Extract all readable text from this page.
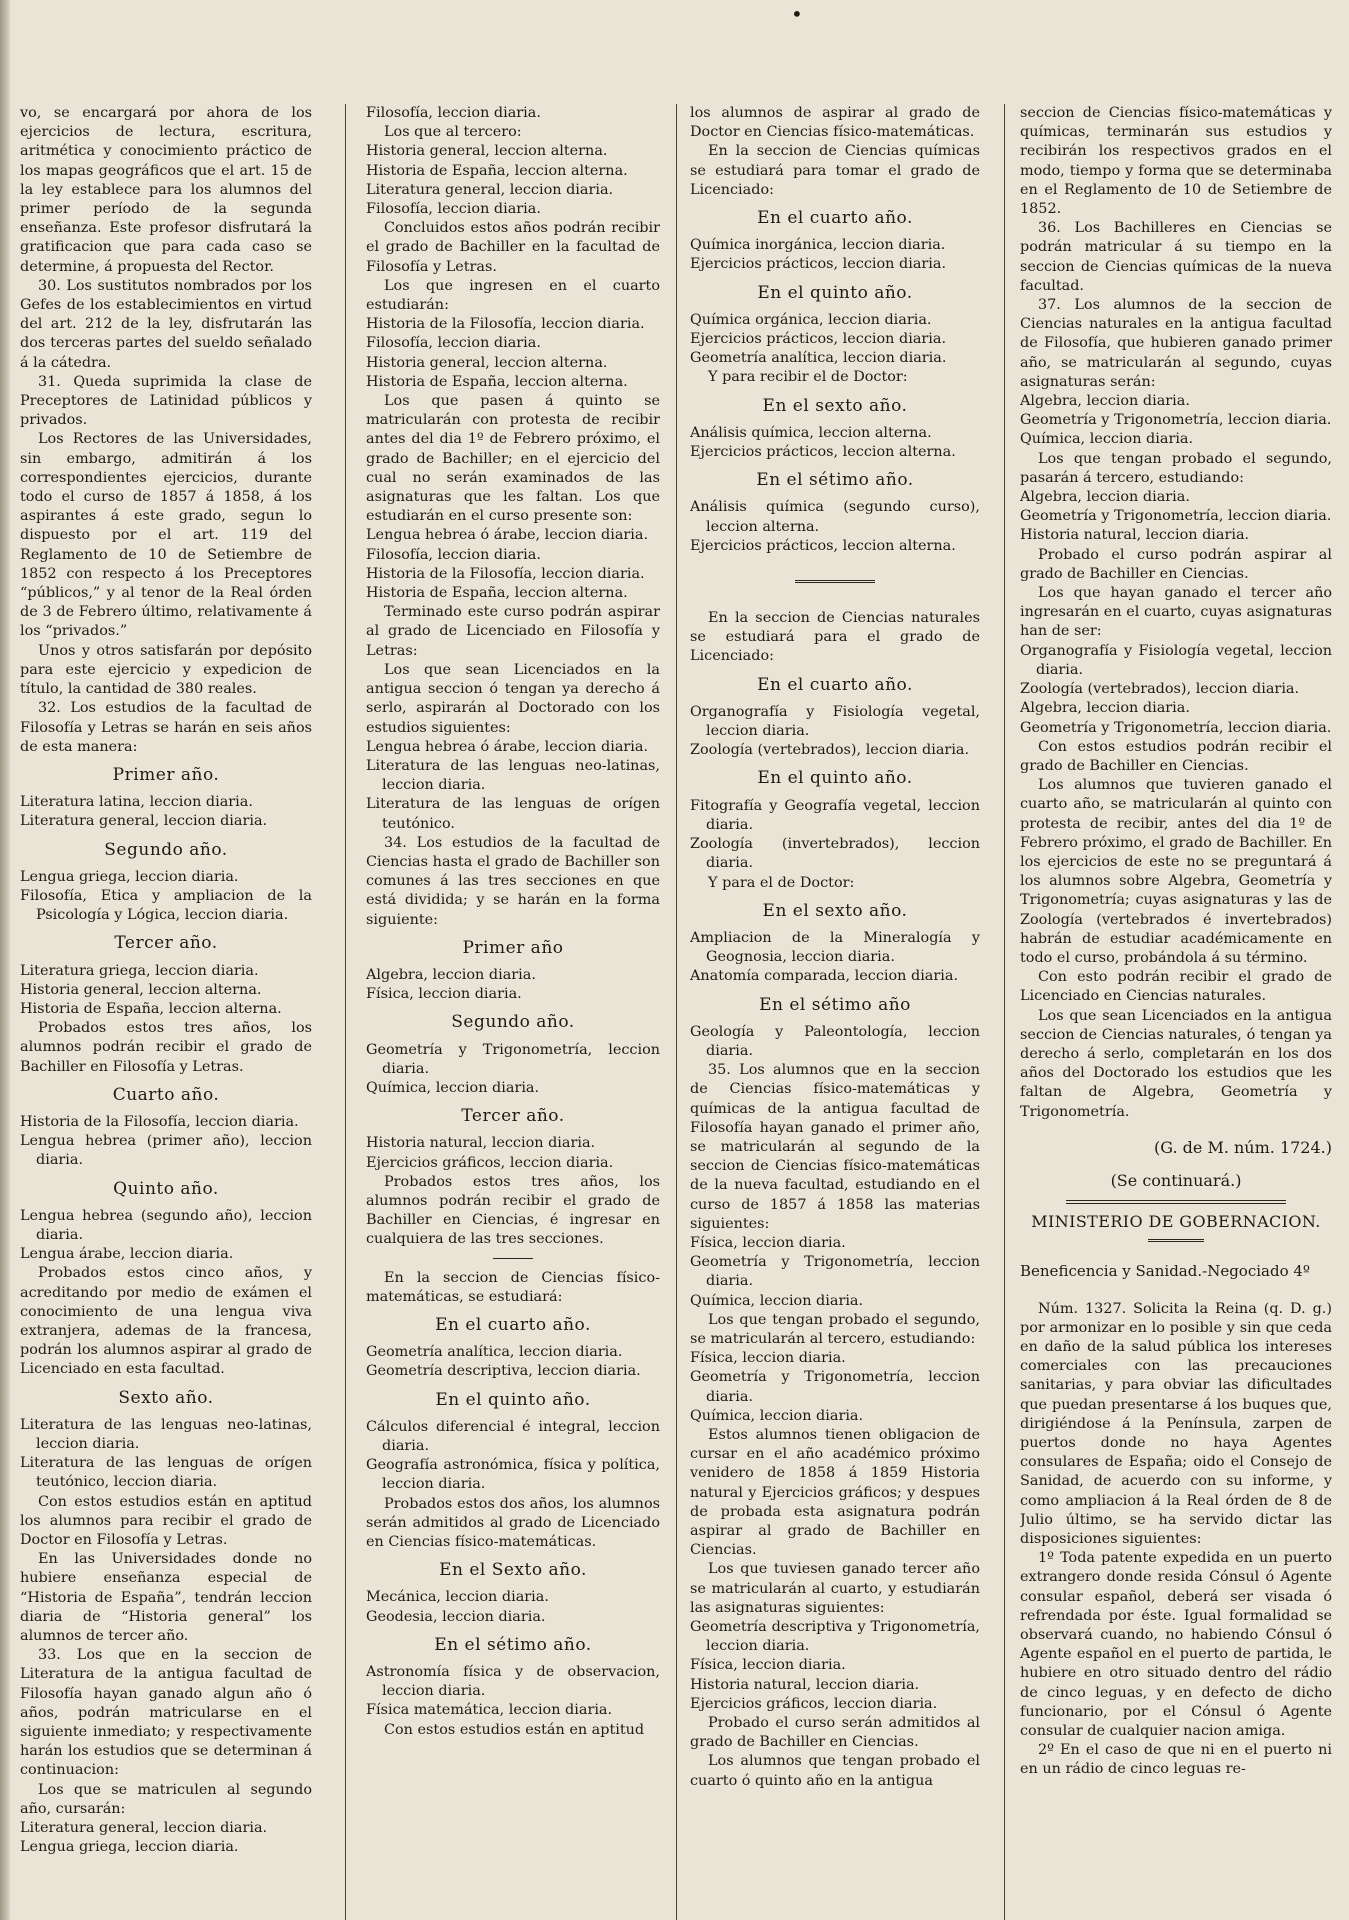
•

vo, se encargará por ahora de los ejercicios de lectura, escritura, aritmética y conocimiento práctico de los mapas geográficos que el art. 15 de la ley establece para los alumnos del primer período de la segunda enseñanza. Este profesor disfrutará la gratificacion que para cada caso se determine, á propuesta del Rector.

30. Los sustitutos nombrados por los Gefes de los establecimientos en virtud del art. 212 de la ley, disfrutarán las dos terceras partes del sueldo señalado á la cátedra.

31. Queda suprimida la clase de Preceptores de Latinidad públicos y privados.

Los Rectores de las Universidades, sin embargo, admitirán á los correspondientes ejercicios, durante todo el curso de 1857 á 1858, á los aspirantes á este grado, segun lo dispuesto por el art. 119 del Reglamento de 10 de Setiembre de 1852 con respecto á los Preceptores “públicos,” y al tenor de la Real órden de 3 de Febrero último, relativamente á los “privados.”

Unos y otros satisfarán por depósito para este ejercicio y expedicion de título, la cantidad de 380 reales.

32. Los estudios de la facultad de Filosofía y Letras se harán en seis años de esta manera:

Primer año.

Literatura latina, leccion diaria.

Literatura general, leccion diaria.

Segundo año.

Lengua griega, leccion diaria.

Filosofía, Etica y ampliacion de la Psicología y Lógica, leccion diaria.

Tercer año.

Literatura griega, leccion diaria.

Historia general, leccion alterna.

Historia de España, leccion alterna.

Probados estos tres años, los alumnos podrán recibir el grado de Bachiller en Filosofía y Letras.

Cuarto año.

Historia de la Filosofía, leccion diaria.

Lengua hebrea (primer año), leccion diaria.

Quinto año.

Lengua hebrea (segundo año), leccion diaria.

Lengua árabe, leccion diaria.

Probados estos cinco años, y acreditando por medio de exámen el conocimiento de una lengua viva extranjera, ademas de la francesa, podrán los alumnos aspirar al grado de Licenciado en esta facultad.

Sexto año.

Literatura de las lenguas neo-latinas, leccion diaria.

Literatura de las lenguas de orígen teutónico, leccion diaria.

Con estos estudios están en aptitud los alumnos para recibir el grado de Doctor en Filosofía y Letras.

En las Universidades donde no hubiere enseñanza especial de “Historia de España”, tendrán leccion diaria de “Historia general” los alumnos de tercer año.

33. Los que en la seccion de Literatura de la antigua facultad de Filosofía hayan ganado algun año ó años, podrán matricularse en el siguiente inmediato; y respectivamente harán los estudios que se determinan á continuacion:

Los que se matriculen al segundo año, cursarán:

Literatura general, leccion diaria.

Lengua griega, leccion diaria.

Filosofía, leccion diaria.

Los que al tercero:

Historia general, leccion alterna.

Historia de España, leccion alterna.

Literatura general, leccion diaria.

Filosofía, leccion diaria.

Concluidos estos años podrán recibir el grado de Bachiller en la facultad de Filosofía y Letras.

Los que ingresen en el cuarto estudiarán:

Historia de la Filosofía, leccion diaria.

Filosofía, leccion diaria.

Historia general, leccion alterna.

Historia de España, leccion alterna.

Los que pasen á quinto se matricularán con protesta de recibir antes del dia 1º de Febrero próximo, el grado de Bachiller; en el ejercicio del cual no serán examinados de las asignaturas que les faltan. Los que estudiarán en el curso presente son:

Lengua hebrea ó árabe, leccion diaria.

Filosofía, leccion diaria.

Historia de la Filosofía, leccion diaria.

Historia de España, leccion alterna.

Terminado este curso podrán aspirar al grado de Licenciado en Filosofía y Letras:

Los que sean Licenciados en la antigua seccion ó tengan ya derecho á serlo, aspirarán al Doctorado con los estudios siguientes:

Lengua hebrea ó árabe, leccion diaria.

Literatura de las lenguas neo-latinas, leccion diaria.

Literatura de las lenguas de orígen teutónico.

34. Los estudios de la facultad de Ciencias hasta el grado de Bachiller son comunes á las tres secciones en que está dividida; y se harán en la forma siguiente:

Primer año

Algebra, leccion diaria.

Física, leccion diaria.

Segundo año.

Geometría y Trigonometría, leccion diaria.

Química, leccion diaria.

Tercer año.

Historia natural, leccion diaria.

Ejercicios gráficos, leccion diaria.

Probados estos tres años, los alumnos podrán recibir el grado de Bachiller en Ciencias, é ingresar en cualquiera de las tres secciones.

En la seccion de Ciencias físico-matemáticas, se estudiará:

En el cuarto año.

Geometría analítica, leccion diaria.

Geometría descriptiva, leccion diaria.

En el quinto año.

Cálculos diferencial é integral, leccion diaria.

Geografía astronómica, física y política, leccion diaria.

Probados estos dos años, los alumnos serán admitidos al grado de Licenciado en Ciencias físico-matemáticas.

En el Sexto año.

Mecánica, leccion diaria.

Geodesia, leccion diaria.

En el sétimo año.

Astronomía física y de observacion, leccion diaria.

Física matemática, leccion diaria.

Con estos estudios están en aptitud

los alumnos de aspirar al grado de Doctor en Ciencias físico-matemáticas.

En la seccion de Ciencias químicas se estudiará para tomar el grado de Licenciado:

En el cuarto año.

Química inorgánica, leccion diaria.

Ejercicios prácticos, leccion diaria.

En el quinto año.

Química orgánica, leccion diaria.

Ejercicios prácticos, leccion diaria.

Geometría analítica, leccion diaria.

Y para recibir el de Doctor:

En el sexto año.

Análisis química, leccion alterna.

Ejercicios prácticos, leccion alterna.

En el sétimo año.

Análisis química (segundo curso), leccion alterna.

Ejercicios prácticos, leccion alterna.

En la seccion de Ciencias naturales se estudiará para el grado de Licenciado:

En el cuarto año.

Organografía y Fisiología vegetal, leccion diaria.

Zoología (vertebrados), leccion diaria.

En el quinto año.

Fitografía y Geografía vegetal, leccion diaria.

Zoología (invertebrados), leccion diaria.

Y para el de Doctor:

En el sexto año.

Ampliacion de la Mineralogía y Geognosia, leccion diaria.

Anatomía comparada, leccion diaria.

En el sétimo año

Geología y Paleontología, leccion diaria.

35. Los alumnos que en la seccion de Ciencias físico-matemáticas y químicas de la antigua facultad de Filosofía hayan ganado el primer año, se matricularán al segundo de la seccion de Ciencias físico-matemáticas de la nueva facultad, estudiando en el curso de 1857 á 1858 las materias siguientes:

Física, leccion diaria.

Geometría y Trigonometría, leccion diaria.

Química, leccion diaria.

Los que tengan probado el segundo, se matricularán al tercero, estudiando:

Física, leccion diaria.

Geometría y Trigonometría, leccion diaria.

Química, leccion diaria.

Estos alumnos tienen obligacion de cursar en el año académico próximo venidero de 1858 á 1859 Historia natural y Ejercicios gráficos; y despues de probada esta asignatura podrán aspirar al grado de Bachiller en Ciencias.

Los que tuviesen ganado tercer año se matricularán al cuarto, y estudiarán las asignaturas siguientes:

Geometría descriptiva y Trigonometría, leccion diaria.

Física, leccion diaria.

Historia natural, leccion diaria.

Ejercicios gráficos, leccion diaria.

Probado el curso serán admitidos al grado de Bachiller en Ciencias.

Los alumnos que tengan probado el cuarto ó quinto año en la antigua

seccion de Ciencias físico-matemáticas y químicas, terminarán sus estudios y recibirán los respectivos grados en el modo, tiempo y forma que se determinaba en el Reglamento de 10 de Setiembre de 1852.

36. Los Bachilleres en Ciencias se podrán matricular á su tiempo en la seccion de Ciencias químicas de la nueva facultad.

37. Los alumnos de la seccion de Ciencias naturales en la antigua facultad de Filosofía, que hubieren ganado primer año, se matricularán al segundo, cuyas asignaturas serán:

Algebra, leccion diaria.

Geometría y Trigonometría, leccion diaria.

Química, leccion diaria.

Los que tengan probado el segundo, pasarán á tercero, estudiando:

Algebra, leccion diaria.

Geometría y Trigonometría, leccion diaria.

Historia natural, leccion diaria.

Probado el curso podrán aspirar al grado de Bachiller en Ciencias.

Los que hayan ganado el tercer año ingresarán en el cuarto, cuyas asignaturas han de ser:

Organografía y Fisiología vegetal, leccion diaria.

Zoología (vertebrados), leccion diaria.

Algebra, leccion diaria.

Geometría y Trigonometría, leccion diaria.

Con estos estudios podrán recibir el grado de Bachiller en Ciencias.

Los alumnos que tuvieren ganado el cuarto año, se matricularán al quinto con protesta de recibir, antes del dia 1º de Febrero próximo, el grado de Bachiller. En los ejercicios de este no se preguntará á los alumnos sobre Algebra, Geometría y Trigonometría; cuyas asignaturas y las de Zoología (vertebrados é invertebrados) habrán de estudiar académicamente en todo el curso, probándola á su término.

Con esto podrán recibir el grado de Licenciado en Ciencias naturales.

Los que sean Licenciados en la antigua seccion de Ciencias naturales, ó tengan ya derecho á serlo, completarán en los dos años del Doctorado los estudios que les faltan de Algebra, Geometría y Trigonometría.

(G. de M. núm. 1724.)

(Se continuará.)

MINISTERIO DE GOBERNACION.

Beneficencia y Sanidad.-Negociado 4º

Núm. 1327. Solicita la Reina (q. D. g.) por armonizar en lo posible y sin que ceda en daño de la salud pública los intereses comerciales con las precauciones sanitarias, y para obviar las dificultades que puedan presentarse á los buques que, dirigiéndose á la Península, zarpen de puertos donde no haya Agentes consulares de España; oido el Consejo de Sanidad, de acuerdo con su informe, y como ampliacion á la Real órden de 8 de Julio último, se ha servido dictar las disposiciones siguientes:

1º Toda patente expedida en un puerto extrangero donde resida Cónsul ó Agente consular español, deberá ser visada ó refrendada por éste. Igual formalidad se observará cuando, no habiendo Cónsul ó Agente español en el puerto de partida, le hubiere en otro situado dentro del rádio de cinco leguas, y en defecto de dicho funcionario, por el Cónsul ó Agente consular de cualquier nacion amiga.

2º En el caso de que ni en el puerto ni en un rádio de cinco leguas re-
